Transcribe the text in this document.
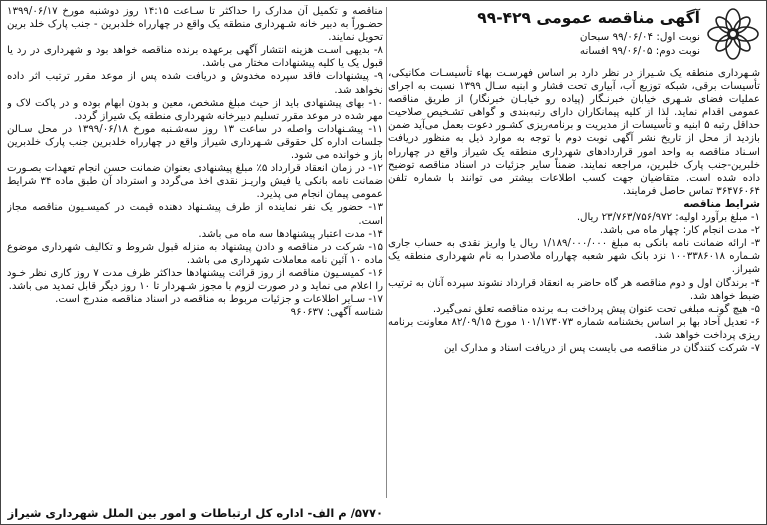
آگهی مناقصه عمومی ۴۲۹-۹۹
نوبت اول: ۹۹/۰۶/۰۴ سبحان
نوبت دوم: ۹۹/۰۶/۰۵ افسانه

شـهرداری منطقه یک شـیراز در نظر دارد بر اساس فهرسـت بهاء تأسیسـات مکانیکی، تأسیسات برقی، شبکه توزیع آب، آبیاری تحت فشار و ابنیه سـال ۱۳۹۹ نسبت به اجرای عملیات فضای شـهری خیابان خبرنـگار (پیاده رو خیابـان خبرنگار) از طریق مناقصه عمومی اقدام نماید. لذا از کلیه پیمانکاران دارای رتبه‌بندی و گواهی تشـخیص صلاحیت حداقل رتبه ۵ ابنیه و تأسیسات از مدیریت و برنامه‌ریزی کشـور دعوت بعمل می‌آید ضمن بازدید از محل از تاریخ نشر آگهی نوبت دوم با توجه به موارد ذیل به منظور دریافت اسـناد مناقصه به واحد امور قراردادهای شهرداری منطقه یک شیراز واقع در چهارراه خلبرین-جنب پارک خلبرین، مراجعه نمایند. ضمناً سایر جزئیات در اسناد مناقصه توضیح داده شده است. متقاضیان جهت کسب اطلاعات بیشتر می توانند با شماره تلفن ۳۶۴۷۶۰۶۴ تماس حاصل فرمایند.

شرایط مناقصه

۱- مبلغ برآورد اولیه: ۲۳/۷۶۳/۷۵۶/۹۷۲ ریال.

۲- مدت انجام کار: چهار ماه می باشد.

۳- ارائه ضمانت نامه بانکی به مبلغ ۱/۱۸۹/۰۰۰/۰۰۰ ریال یا واریز نقدی به حساب جاری شـماره ۱۰۰۳۳۸۶۰۱۸ نزد بانک شهر شعبه چهارراه ملاصدرا به نام شهرداری منطقه یک شیراز.

۴- برندگان اول و دوم مناقصه هر گاه حاضر به انعقاد قرارداد نشوند سپرده آنان به ترتیب ضبط خواهد شد.

۵- هیچ گونـه مبلغی تحت عنوان پیش پرداخت بـه برنده مناقصه تعلق نمی‌گیرد.

۶- تعدیل آحاد بها بر اساس بخشنامه شماره ۱۰۱/۱۷۳۰۷۳ مورخ ۸۲/۰۹/۱۵ معاونت برنامه ریزی پرداخت خواهد شد.

۷- شرکت کنندگان در مناقصه می بایست پس از دریافت اسناد و مدارک این

مناقصه و تکمیل آن مدارک را حداکثر تا سـاعت ۱۴:۱۵ روز دوشنبه مورخ ۱۳۹۹/۰۶/۱۷ حضـوراً به دبیر خانه شـهرداری منطقه یک واقع در چهارراه خلدبرین - جنب پارک خلد برین تحویل نمایند.

۸- بدیهی اسـت هزینه انتشار آگهی برعهده برنده مناقصه خواهد بود و شهرداری در رد یا قبول یک یا کلیه پیشنهادات مختار می باشد.

۹- پیشنهادات فاقد سپرده مخدوش و دریافت شده پس از موعد مقرر ترتیب اثر داده نخواهد شد.

۱۰- بهای پیشنهادی باید از حیث مبلغ مشخص، معین و بدون ابهام بوده و در پاکت لاک و مهر شده در موعد مقرر تسلیم دبیرخانه شهرداری منطقه یک شیراز گردد.

۱۱- پیشـنهادات واصله در ساعت ۱۳ روز سه‌شـنبه مورخ ۱۳۹۹/۰۶/۱۸ در محل سـالن جلسات اداره کل حقوقی شـهرداری شیراز واقع در چهارراه خلدبرین جنب پارک خلدبرین باز و خوانده می شود.

۱۲- در زمان انعقاد قرارداد ۵٪ مبلغ پیشنهادی بعنوان ضمانت حسن انجام تعهدات بصـورت ضمانت نامه بانکی یا فیش واریـز نقدی اخذ می‌گردد و استرداد آن طبق ماده ۳۴ شرایط عمومی پیمان انجام می پذیرد.

۱۳- حضور یک نفر نماینده از طرف پیشـنهاد دهنده قیمت در کمیسـیون مناقصه مجاز است.

۱۴- مدت اعتبار پیشنهادها سه ماه می باشد.

۱۵- شرکت در مناقصه و دادن پیشنهاد به منزله قبول شروط و تکالیف شهرداری موضوع ماده ۱۰ آئین نامه معاملات شهرداری می باشد.

۱۶- کمیسـیون مناقصه از روز قرائت پیشنهادها حداکثر ظرف مدت ۷ روز کاری نظر خـود را اعلام می نماید و در صورت لزوم با مجوز شـهردار تا ۱۰ روز دیگر قابل تمدید می باشد.

۱۷- سـایر اطلاعات و جزئیات مربوط به مناقصه در اسناد مناقصه مندرج است.

شناسه آگهی: ۹۶۰۶۳۷

۵۷۷۰/ م الف- اداره کل ارتباطات و امور بین الملل شهرداری شیراز
